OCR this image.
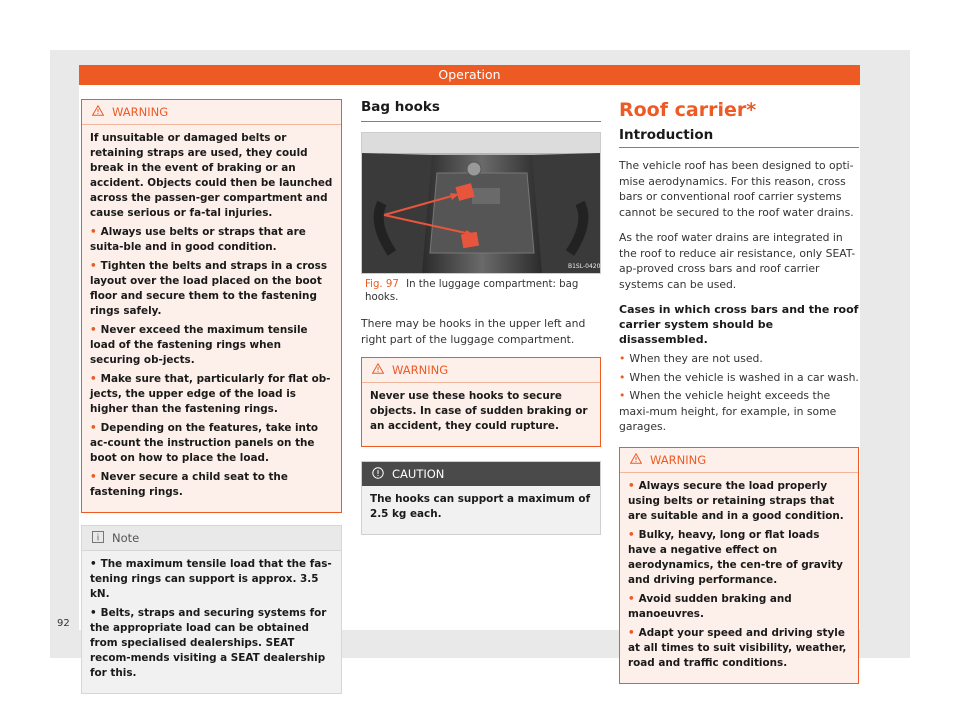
Operation
WARNING

If unsuitable or damaged belts or retaining straps are used, they could break in the event of braking or an accident. Objects could then be launched across the passen-ger compartment and cause serious or fa-tal injuries.

• Always use belts or straps that are suita-ble and in good condition.
• Tighten the belts and straps in a cross layout over the load placed on the boot floor and secure them to the fastening rings safely.
• Never exceed the maximum tensile load of the fastening rings when securing ob-jects.
• Make sure that, particularly for flat ob-jects, the upper edge of the load is higher than the fastening rings.
• Depending on the features, take into ac-count the instruction panels on the boot on how to place the load.
• Never secure a child seat to the fastening rings.
Note
• The maximum tensile load that the fas-tening rings can support is approx. 3.5 kN.
• Belts, straps and securing systems for the appropriate load can be obtained from specialised dealerships. SEAT recom-mends visiting a SEAT dealership for this.
Bag hooks
B1SL-0420
Fig. 97 In the luggage compartment: bag hooks.

There may be hooks in the upper left and right part of the luggage compartment.

WARNING

Never use these hooks to secure objects. In case of sudden braking or an accident, they could rupture.

CAUTION

The hooks can support a maximum of 2.5 kg each.

Roof carrier*
Introduction

The vehicle roof has been designed to opti-mise aerodynamics. For this reason, cross bars or conventional roof carrier systems cannot be secured to the roof water drains.

As the roof water drains are integrated in the roof to reduce air resistance, only SEAT-ap-proved cross bars and roof carrier systems can be used.

Cases in which cross bars and the roof carrier system should be disassembled.

• When they are not used.

• When the vehicle is washed in a car wash.

• When the vehicle height exceeds the maxi-mum height, for example, in some garages.

WARNING
• Always secure the load properly using belts or retaining straps that are suitable and in a good condition.
• Bulky, heavy, long or flat loads have a negative effect on aerodynamics, the cen-tre of gravity and driving performance.
• Avoid sudden braking and manoeuvres.
• Adapt your speed and driving style at all times to suit visibility, weather, road and traffic conditions.
92
